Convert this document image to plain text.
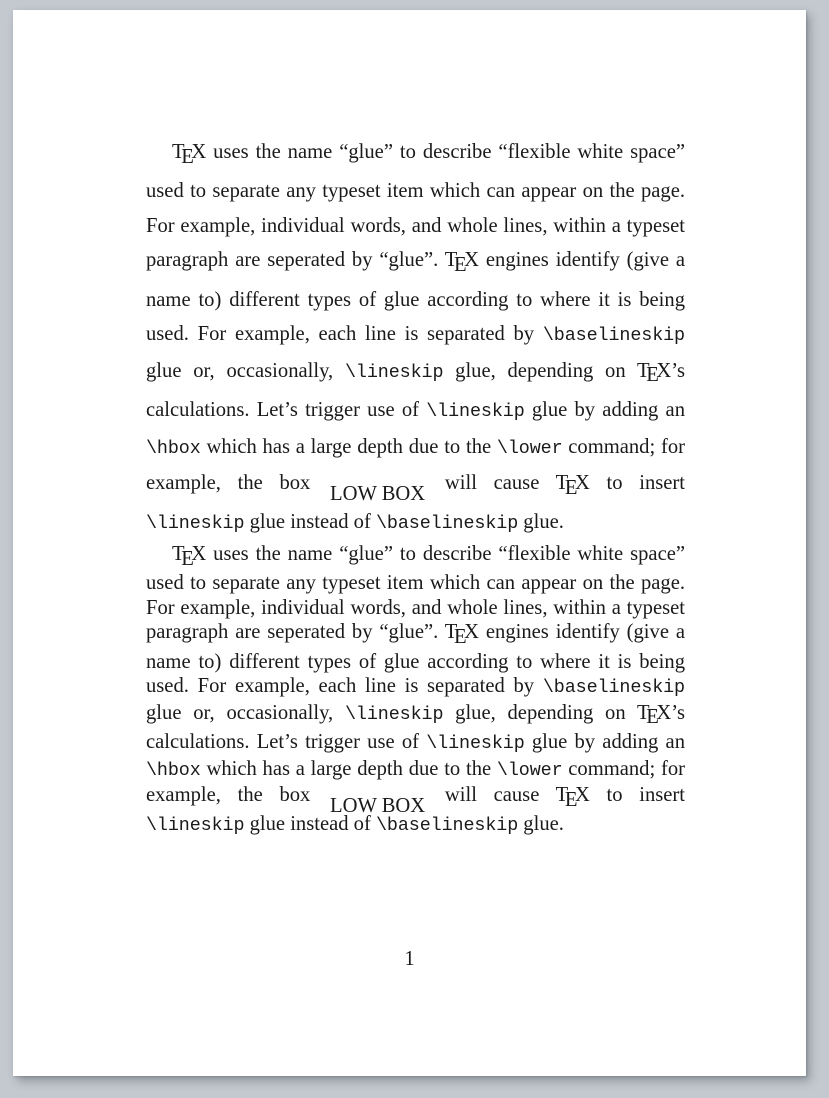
TEX uses the name “glue” to describe “flexible white space” used to separate any typeset item which can appear on the page. For example, individual words, and whole lines, within a typeset paragraph are seperated by “glue”. TEX engines identify (give a name to) different types of glue according to where it is being used. For example, each line is separated by \baselineskip glue or, occasionally, \lineskip glue, depending on TEX’s calculations. Let’s trigger use of \lineskip glue by adding an \hbox which has a large depth due to the \lower command; for example, the box LOW BOX will cause TEX to insert \lineskip glue instead of \baselineskip glue.

TEX uses the name “glue” to describe “flexible white space” used to separate any typeset item which can appear on the page. For example, individual words, and whole lines, within a typeset paragraph are seperated by “glue”. TEX engines identify (give a name to) different types of glue according to where it is being used. For example, each line is separated by \baselineskip glue or, occasionally, \lineskip glue, depending on TEX’s calculations. Let’s trigger use of \lineskip glue by adding an \hbox which has a large depth due to the \lower command; for example, the box LOW BOX will cause TEX to insert \lineskip glue instead of \baselineskip glue.

1
